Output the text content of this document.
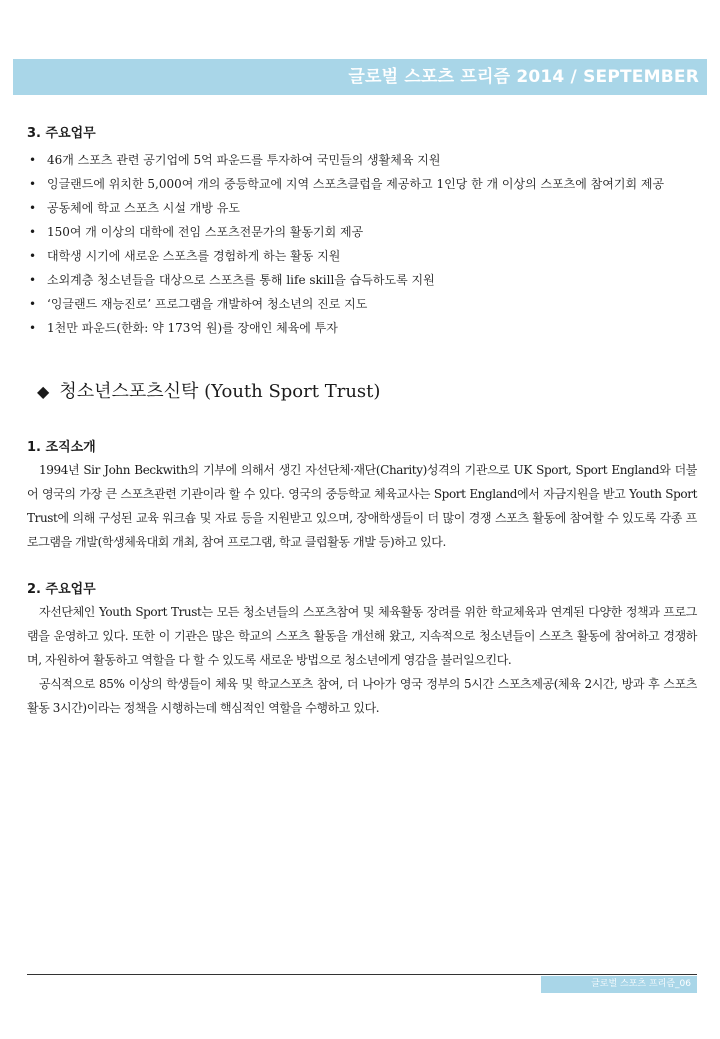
글로벌 스포츠 프리즘 2014 / SEPTEMBER
3. 주요업무
• 46개 스포츠 관련 공기업에 5억 파운드를 투자하여 국민들의 생활체육 지원
• 잉글랜드에 위치한 5,000여 개의 중등학교에 지역 스포츠클럽을 제공하고 1인당 한 개 이상의 스포츠에 참여기회 제공
• 공동체에 학교 스포츠 시설 개방 유도
• 150여 개 이상의 대학에 전임 스포츠전문가의 활동기회 제공
• 대학생 시기에 새로운 스포츠를 경험하게 하는 활동 지원
• 소외계층 청소년들을 대상으로 스포츠를 통해 life skill을 습득하도록 지원
• ‘잉글랜드 재능진로’ 프로그램을 개발하여 청소년의 진로 지도
• 1천만 파운드(한화: 약 173억 원)를 장애인 체육에 투자
◆ 청소년스포츠신탁 (Youth Sport Trust)
1. 조직소개

1994년 Sir John Beckwith의 기부에 의해서 생긴 자선단체·재단(Charity)성격의 기관으로 UK Sport, Sport England와 더불어 영국의 가장 큰 스포츠관련 기관이라 할 수 있다. 영국의 중등학교 체육교사는 Sport England에서 자금지원을 받고 Youth Sport Trust에 의해 구성된 교육 워크숍 및 자료 등을 지원받고 있으며, 장애학생들이 더 많이 경쟁 스포츠 활동에 참여할 수 있도록 각종 프로그램을 개발(학생체육대회 개최, 참여 프로그램, 학교 클럽활동 개발 등)하고 있다.

2. 주요업무

자선단체인 Youth Sport Trust는 모든 청소년들의 스포츠참여 및 체육활동 장려를 위한 학교체육과 연계된 다양한 정책과 프로그램을 운영하고 있다. 또한 이 기관은 많은 학교의 스포츠 활동을 개선해 왔고, 지속적으로 청소년들이 스포츠 활동에 참여하고 경쟁하며, 자원하여 활동하고 역할을 다 할 수 있도록 새로운 방법으로 청소년에게 영감을 불러일으킨다.

공식적으로 85% 이상의 학생들이 체육 및 학교스포츠 참여, 더 나아가 영국 정부의 5시간 스포츠제공(체육 2시간, 방과 후 스포츠 활동 3시간)이라는 정책을 시행하는데 핵심적인 역할을 수행하고 있다.

글로벌 스포츠 프리즘_06
